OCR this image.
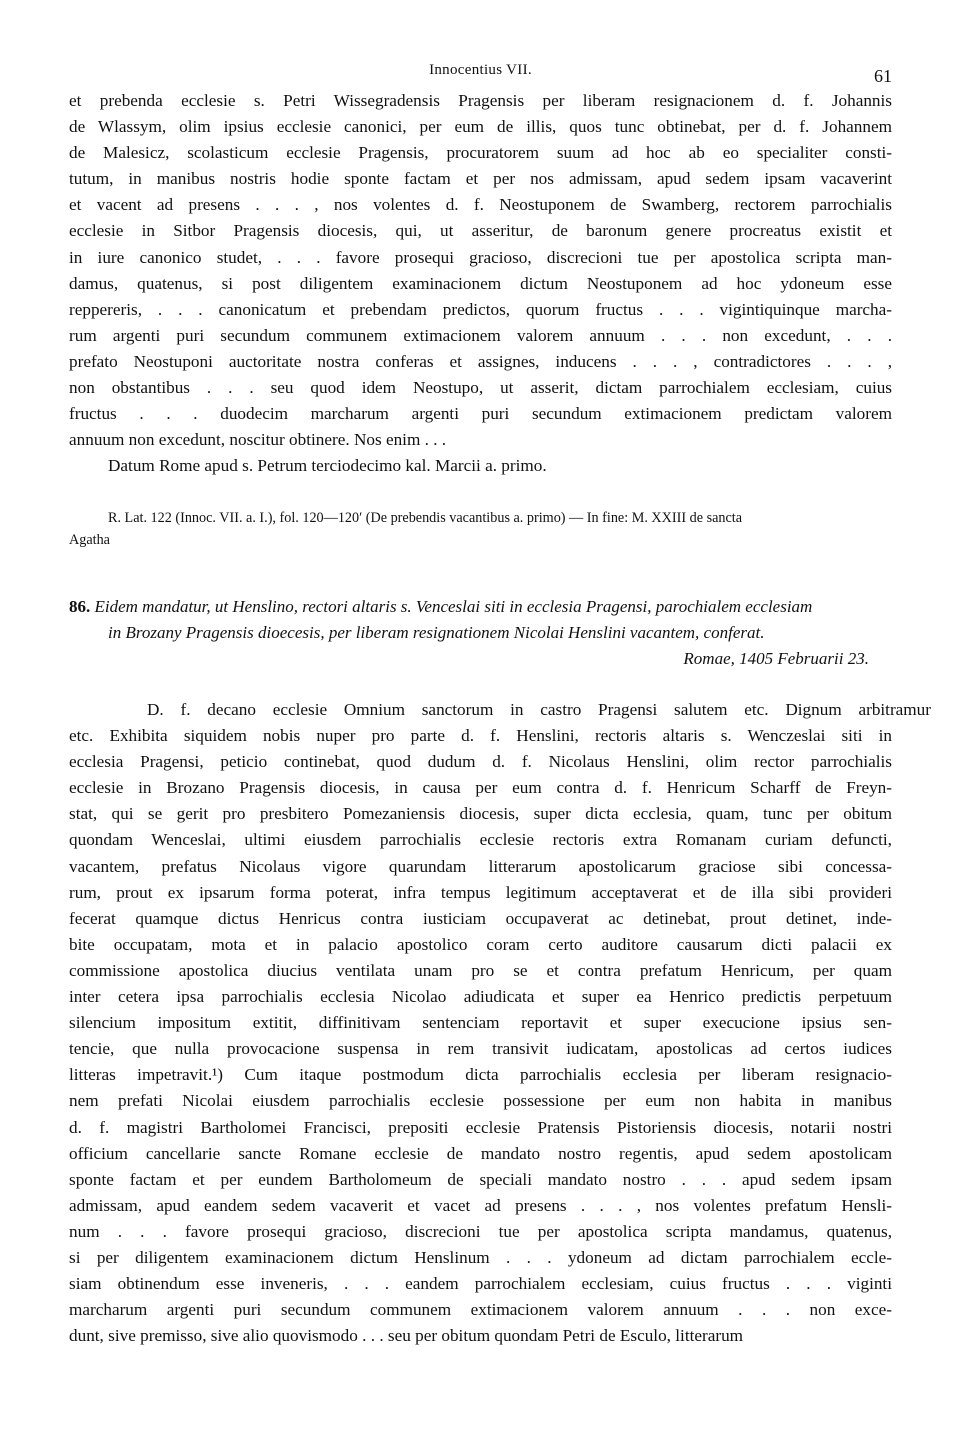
Innocentius VII.	61

et prebenda ecclesie s. Petri Wissegradensis Pragensis per liberam resignacionem d. f. Johannis

de Wlassym, olim ipsius ecclesie canonici, per eum de illis, quos tunc obtinebat, per d. f. Johannem

de Malesicz, scolasticum ecclesie Pragensis, procuratorem suum ad hoc ab eo specialiter consti-

tutum, in manibus nostris hodie sponte factam et per nos admissam, apud sedem ipsam vacaverint

et vacent ad presens . . . , nos volentes d. f. Neostuponem de Swamberg, rectorem parrochialis

ecclesie in Sitbor Pragensis diocesis, qui, ut asseritur, de baronum genere procreatus existit et

in iure canonico studet, . . . favore prosequi gracioso, discrecioni tue per apostolica scripta man-

damus, quatenus, si post diligentem examinacionem dictum Neostuponem ad hoc ydoneum esse

reppereris, . . . canonicatum et prebendam predictos, quorum fructus . . . vigintiquinque marcha-

rum argenti puri secundum communem extimacionem valorem annuum . . . non excedunt, . . .

prefato Neostuponi auctoritate nostra conferas et assignes, inducens . . . , contradictores . . . ,

non obstantibus . . . seu quod idem Neostupo, ut asserit, dictam parrochialem ecclesiam, cuius

fructus . . . duodecim marcharum argenti puri secundum extimacionem predictam valorem

annuum non excedunt, noscitur obtinere. Nos enim . . .

Datum Rome apud s. Petrum terciodecimo kal. Marcii a. primo.

R. Lat. 122 (Innoc. VII. a. I.), fol. 120—120′ (De prebendis vacantibus a. primo) — In fine: M. XXIII de sancta

Agatha

86. Eidem mandatur, ut Henslino, rectori altaris s. Venceslai siti in ecclesia Pragensi, parochialem ecclesiam
in Brozany Pragensis dioecesis, per liberam resignationem Nicolai Henslini vacantem, conferat.
Romae, 1405 Februarii 23.

D. f. decano ecclesie Omnium sanctorum in castro Pragensi salutem etc. Dignum arbitramur

etc. Exhibita siquidem nobis nuper pro parte d. f. Henslini, rectoris altaris s. Wenczeslai siti in

ecclesia Pragensi, peticio continebat, quod dudum d. f. Nicolaus Henslini, olim rector parrochialis

ecclesie in Brozano Pragensis diocesis, in causa per eum contra d. f. Henricum Scharff de Freyn-

stat, qui se gerit pro presbitero Pomezaniensis diocesis, super dicta ecclesia, quam, tunc per obitum

quondam Wenceslai, ultimi eiusdem parrochialis ecclesie rectoris extra Romanam curiam defuncti,

vacantem, prefatus Nicolaus vigore quarundam litterarum apostolicarum graciose sibi concessa-

rum, prout ex ipsarum forma poterat, infra tempus legitimum acceptaverat et de illa sibi provideri

fecerat quamque dictus Henricus contra iusticiam occupaverat ac detinebat, prout detinet, inde-

bite occupatam, mota et in palacio apostolico coram certo auditore causarum dicti palacii ex

commissione apostolica diucius ventilata unam pro se et contra prefatum Henricum, per quam

inter cetera ipsa parrochialis ecclesia Nicolao adiudicata et super ea Henrico predictis perpetuum

silencium impositum extitit, diffinitivam sentenciam reportavit et super execucione ipsius sen-

tencie, que nulla provocacione suspensa in rem transivit iudicatam, apostolicas ad certos iudices

litteras impetravit.¹) Cum itaque postmodum dicta parrochialis ecclesia per liberam resignacio-

nem prefati Nicolai eiusdem parrochialis ecclesie possessione per eum non habita in manibus

d. f. magistri Bartholomei Francisci, prepositi ecclesie Pratensis Pistoriensis diocesis, notarii nostri

officium cancellarie sancte Romane ecclesie de mandato nostro regentis, apud sedem apostolicam

sponte factam et per eundem Bartholomeum de speciali mandato nostro . . . apud sedem ipsam

admissam, apud eandem sedem vacaverit et vacet ad presens . . . , nos volentes prefatum Hensli-

num . . . favore prosequi gracioso, discrecioni tue per apostolica scripta mandamus, quatenus,

si per diligentem examinacionem dictum Henslinum . . . ydoneum ad dictam parrochialem eccle-

siam obtinendum esse inveneris, . . . eandem parrochialem ecclesiam, cuius fructus . . . viginti

marcharum argenti puri secundum communem extimacionem valorem annuum . . . non exce-

dunt, sive premisso, sive alio quovismodo . . . seu per obitum quondam Petri de Esculo, litterarum
